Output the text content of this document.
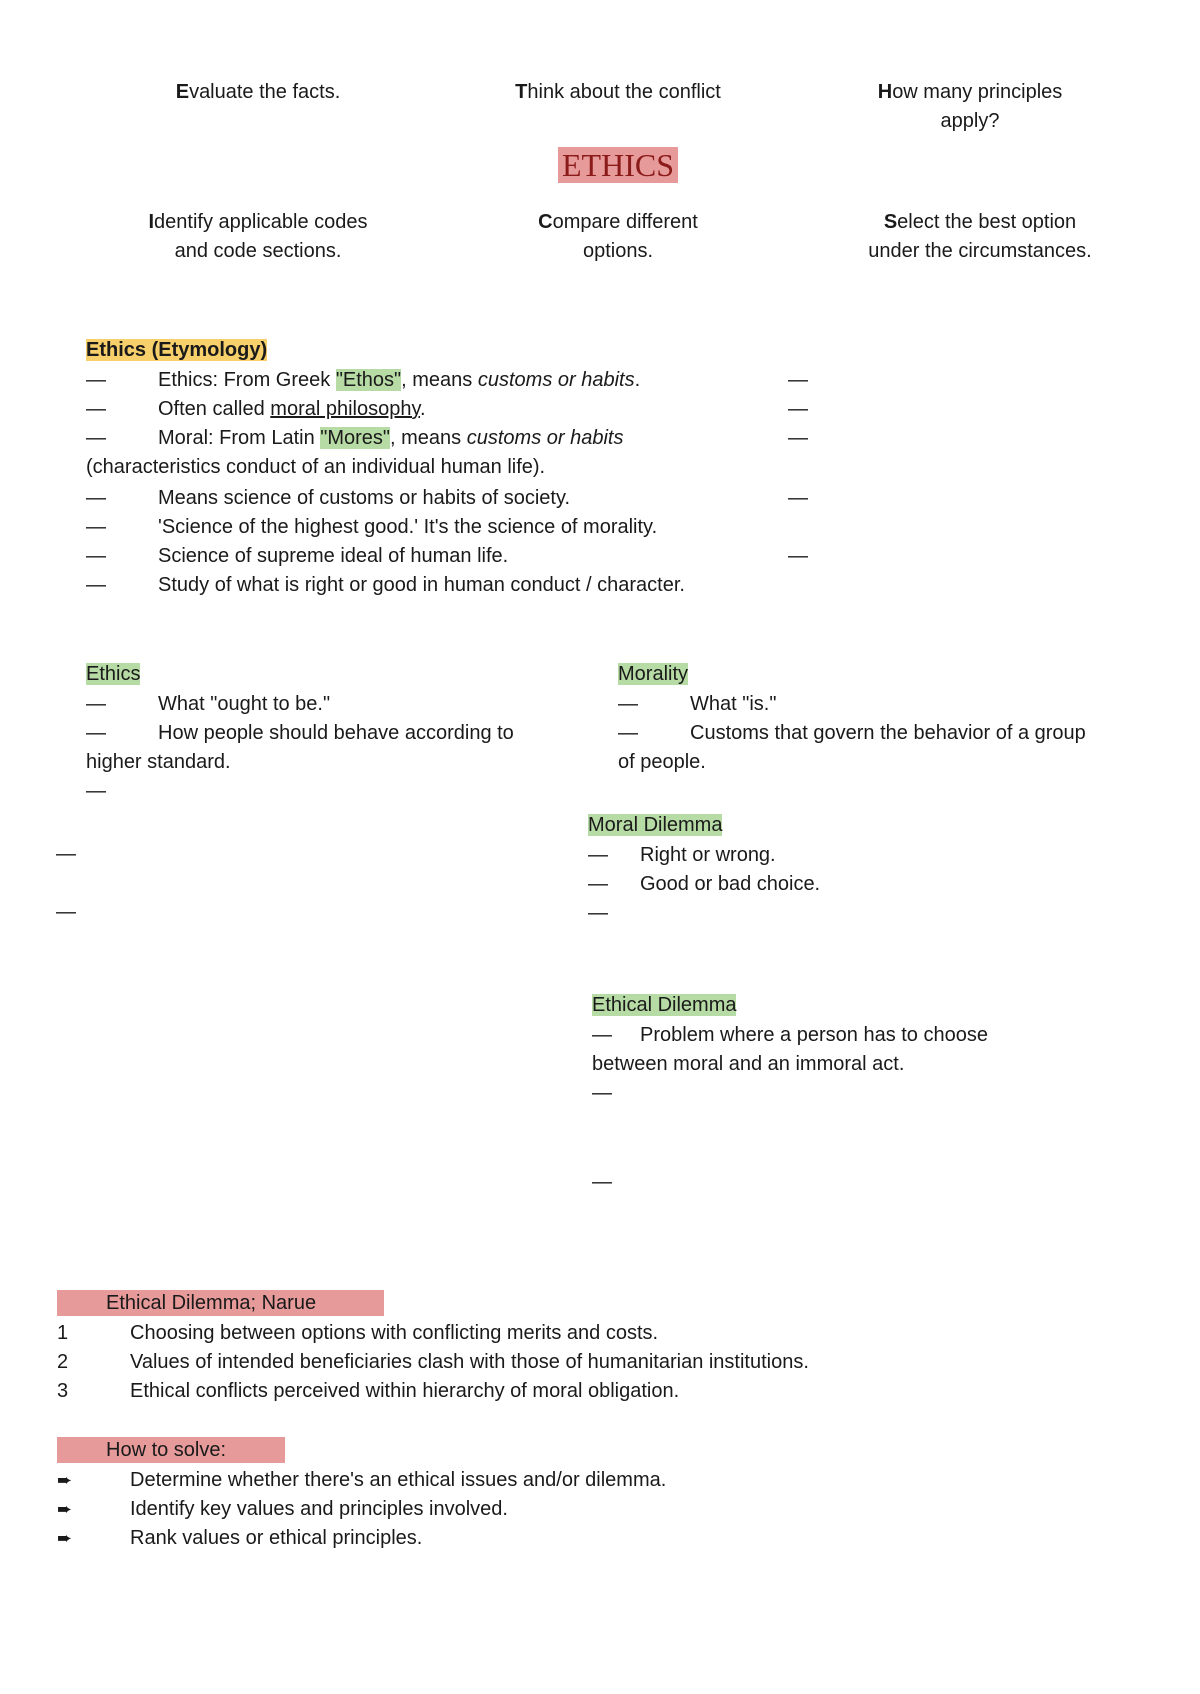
Evaluate the facts.	Think about the conflict	How many principles
apply?
ETHICS
Identify applicable codes
and code sections.
Compare different
options.
Select the best option
under the circumstances.
Ethics (Etymology)
—	Ethics: From Greek "Ethos", means customs or habits.
—	Often called moral philosophy.
—	Moral: From Latin "Mores", means customs or habits
(characteristics conduct of an individual human life).
—	Means science of customs or habits of society.
—	'Science of the highest good.' It's the science of morality.
—	Science of supreme ideal of human life.
—	Study of what is right or good in human conduct / character.
—
—
—
—
—
Ethics
—	What "ought to be."
—	How people should behave according to
higher standard.
—
—
—
Morality
—	What "is."
—	Customs that govern the behavior of a group
of people.
Moral Dilemma
— Right or wrong.
— Good or bad choice.
—
Ethical Dilemma
— Problem where a person has to choose
between moral and an immoral act.
—
—
Ethical Dilemma; Narue
1	Choosing between options with conflicting merits and costs.
2	Values of intended beneficiaries clash with those of humanitarian institutions.
3	Ethical conflicts perceived within hierarchy of moral obligation.
How to solve:
➨	Determine whether there's an ethical issues and/or dilemma.
➨	Identify key values and principles involved.
➨	Rank values or ethical principles.
